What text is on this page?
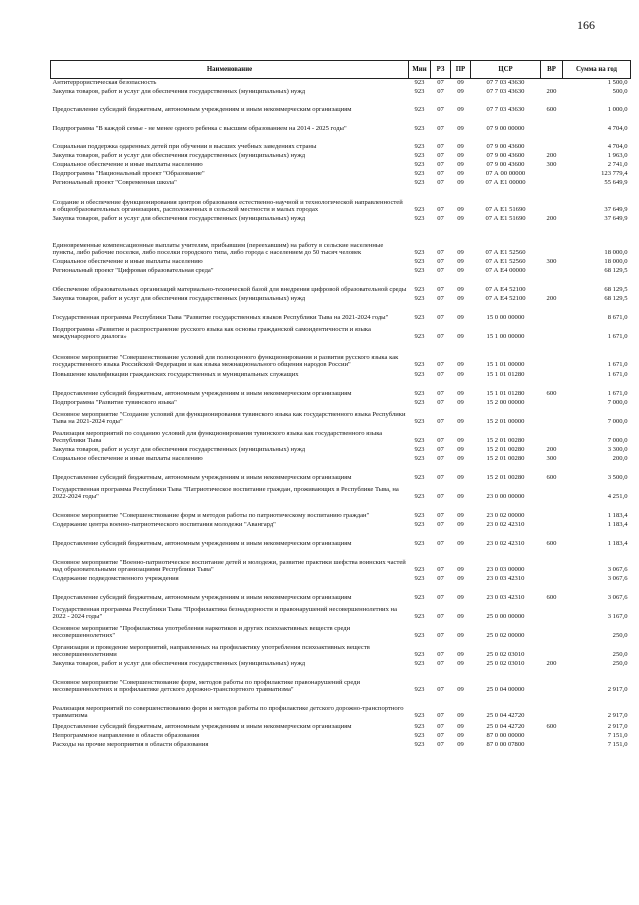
166
Наименование	Мин	РЗ	ПР	ЦСР	ВР	Сумма на год
Антитеррористическая безопасность	923	07	09	07 7 03 43630		1 500,0
Закупка товаров, работ и услуг для обеспечения государственных (муниципальных) нужд	923	07	09	07 7 03 43630	200	500,0
Предоставление субсидий бюджетным, автономным учреждениям и иным некоммерческим организациям	923	07	09	07 7 03 43630	600	1 000,0
Подпрограмма "В каждой семье - не менее одного ребенка с высшим образованием на 2014 - 2025 годы"	923	07	09	07 9 00 00000		4 704,0
Социальная поддержка одаренных детей при обучении в высших учебных заведениях страны	923	07	09	07 9 00 43600		4 704,0
Закупка товаров, работ и услуг для обеспечения государственных (муниципальных) нужд	923	07	09	07 9 00 43600	200	1 963,0
Социальное обеспечение и иные выплаты населению	923	07	09	07 9 00 43600	300	2 741,0
Подпрограмма "Национальный проект "Образование"	923	07	09	07 А 00 00000		123 779,4
Региональный проект "Современная школа"	923	07	09	07 А E1 00000		55 649,9
Создание и обеспечение функционирования центров образования естественно-научной и технологической направленностей в общеобразовательных организациях, расположенных в сельской местности и малых городах	923	07	09	07 А E1 51690		37 649,9
Закупка товаров, работ и услуг для обеспечения государственных (муниципальных) нужд	923	07	09	07 А E1 51690	200	37 649,9
Единовременные компенсационные выплаты учителям, прибывшим (переехавшим) на работу в сельские населенные пункты, либо рабочие поселки, либо поселки городского типа, либо города с населением до 50 тысяч человек	923	07	09	07 А E1 52560		18 000,0
Социальное обеспечение и иные выплаты населению	923	07	09	07 А E1 52560	300	18 000,0
Региональный проект "Цифровая образовательная среда"	923	07	09	07 А E4 00000		68 129,5
Обеспечение образовательных организаций материально-технической базой для внедрения цифровой образовательной среды	923	07	09	07 А E4 52100		68 129,5
Закупка товаров, работ и услуг для обеспечения государственных (муниципальных) нужд	923	07	09	07 А E4 52100	200	68 129,5
Государственная программа Республики Тыва "Развитие государственных языков Республики Тыва на 2021-2024 годы"	923	07	09	15 0 00 00000		8 671,0
Подпрограмма «Развитие и распространение русского языка как основы гражданской самоидентичности и языка международного диалога»	923	07	09	15 1 00 00000		1 671,0
Основное мероприятие "Совершенствование условий для полноценного функционирования и развития русского языка как государственного языка Российской Федерации и как языка межнационального общения народов России"	923	07	09	15 1 01 00000		1 671,0
Повышение квалификации гражданских государственных и муниципальных служащих	923	07	09	15 1 01 01280		1 671,0
Предоставление субсидий бюджетным, автономным учреждениям и иным некоммерческим организациям	923	07	09	15 1 01 01280	600	1 671,0
Подпрограмма "Развитие тувинского языка"	923	07	09	15 2 00 00000		7 000,0
Основное мероприятие "Создание условий для функционирования тувинского языка как государственного языка Республики Тыва на 2021-2024 годы"	923	07	09	15 2 01 00000		7 000,0
Реализация мероприятий по созданию условий для функционирования тувинского языка как государственного языка Республики Тыва	923	07	09	15 2 01 00280		7 000,0
Закупка товаров, работ и услуг для обеспечения государственных (муниципальных) нужд	923	07	09	15 2 01 00280	200	3 300,0
Социальное обеспечение и иные выплаты населению	923	07	09	15 2 01 00280	300	200,0
Предоставление субсидий бюджетным, автономным учреждениям и иным некоммерческим организациям	923	07	09	15 2 01 00280	600	3 500,0
Государственная программа Республики Тыва "Патриотическое воспитание граждан, проживающих в Республике Тыва, на 2022-2024 годы"	923	07	09	23 0 00 00000		4 251,0
Основное мероприятие "Совершенствование форм и методов работы по патриотическому воспитанию граждан"	923	07	09	23 0 02 00000		1 183,4
Содержание центра военно-патриотического воспитания молодежи "Авангард"	923	07	09	23 0 02 42310		1 183,4
Предоставление субсидий бюджетным, автономным учреждениям и иным некоммерческим организациям	923	07	09	23 0 02 42310	600	1 183,4
Основное мероприятие "Военно-патриотическое воспитание детей и молодежи, развитие практики шефства воинских частей над образовательными организациями Республики Тыва"	923	07	09	23 0 03 00000		3 067,6
Содержание подведомственного учреждения	923	07	09	23 0 03 42310		3 067,6
Предоставление субсидий бюджетным, автономным учреждениям и иным некоммерческим организациям	923	07	09	23 0 03 42310	600	3 067,6
Государственная программа Республики Тыва "Профилактика безнадзорности и правонарушений несовершеннолетних на 2022 - 2024 годы"	923	07	09	25 0 00 00000		3 167,0
Основное мероприятие "Профилактика употребления наркотиков и других психоактивных веществ среди несовершеннолетних"	923	07	09	25 0 02 00000		250,0
Организация и проведение мероприятий, направленных на профилактику употребления психоактивных веществ несовершеннолетними	923	07	09	25 0 02 03010		250,0
Закупка товаров, работ и услуг для обеспечения государственных (муниципальных) нужд	923	07	09	25 0 02 03010	200	250,0
Основное мероприятие "Совершенствование форм, методов работы по профилактике правонарушений среди несовершеннолетних и профилактике детского дорожно-транспортного травматизма"	923	07	09	25 0 04 00000		2 917,0
Реализация мероприятий по совершенствованию форм и методов работы по профилактике детского дорожно-транспортного травматизма	923	07	09	25 0 04 42720		2 917,0
Предоставление субсидий бюджетным, автономным учреждениям и иным некоммерческим организациям	923	07	09	25 0 04 42720	600	2 917,0
Непрограммное направление в области образования	923	07	09	87 0 00 00000		7 151,0
Расходы на прочие мероприятия в области образования	923	07	09	87 0 00 07800		7 151,0
